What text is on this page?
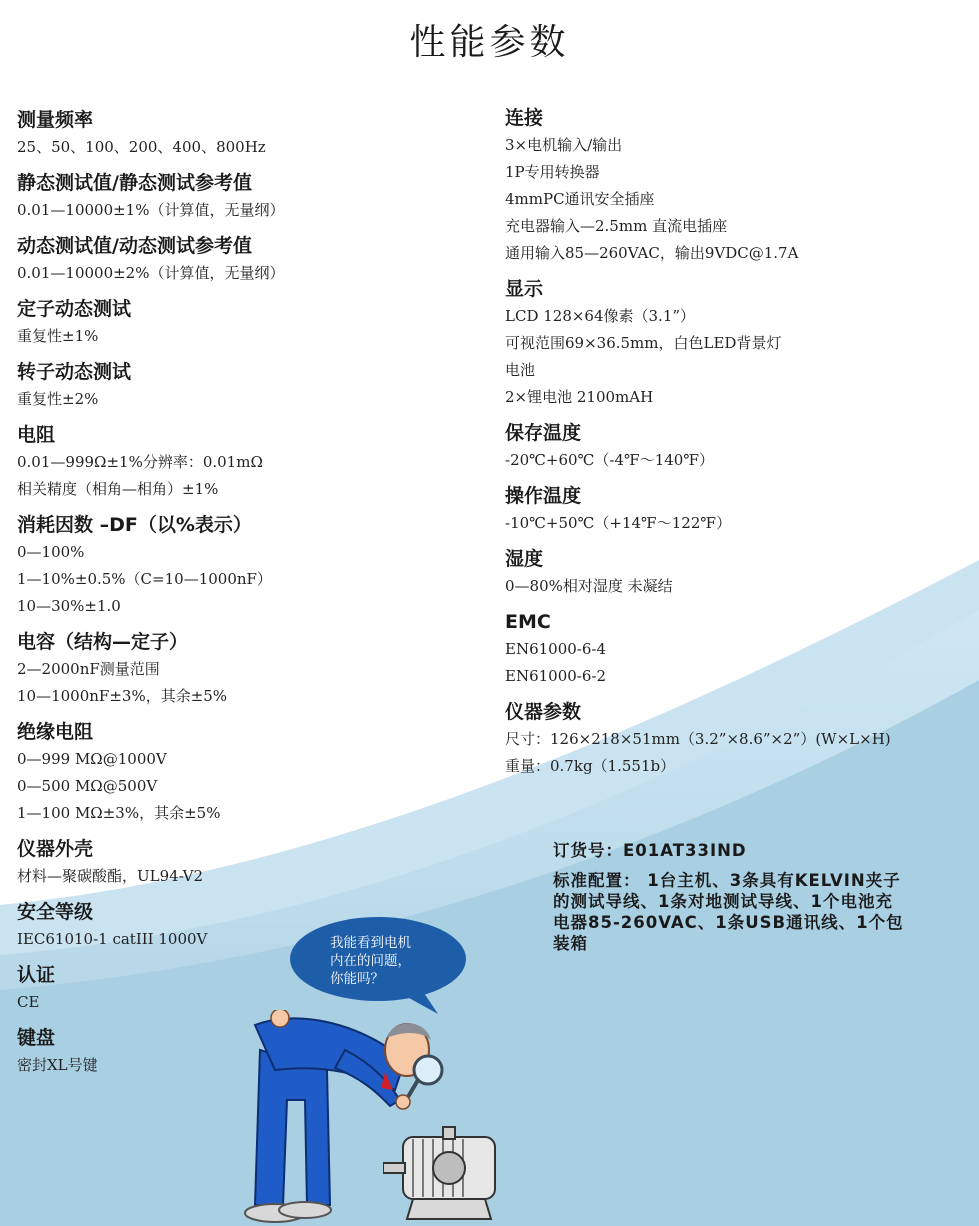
性能参数
测量频率
25、50、100、200、400、800Hz
静态测试值/静态测试参考值
0.01—10000±1%（计算值，无量纲）
动态测试值/动态测试参考值
0.01—10000±2%（计算值，无量纲）
定子动态测试
重复性±1%
转子动态测试
重复性±2%
电阻
0.01—999Ω±1%分辨率：0.01mΩ
相关精度（相角—相角）±1%
消耗因数 –DF（以%表示）
0—100%
1—10%±0.5%（C=10—1000nF）
10—30%±1.0
电容（结构—定子）
2—2000nF测量范围
10—1000nF±3%，其余±5%
绝缘电阻
0—999 MΩ@1000V
0—500 MΩ@500V
1—100 MΩ±3%，其余±5%
仪器外壳
材料—聚碳酸酯，UL94-V2
安全等级
IEC61010-1 catIII 1000V
认证
CE
键盘
密封XL号键
连接
3×电机输入/输出
1P专用转换器
4mmPC通讯安全插座
充电器输入—2.5mm 直流电插座
通用输入85—260VAC，输出9VDC@1.7A
显示
LCD 128×64像素（3.1”）
可视范围69×36.5mm，白色LED背景灯
电池
2×锂电池 2100mAH
保存温度
-20℃+60℃（-4℉～140℉）
操作温度
-10℃+50℃（+14℉～122℉）
湿度
0—80%相对湿度 未凝结
EMC
EN61000-6-4
EN61000-6-2
仪器参数
尺寸：126×218×51mm（3.2”×8.6”×2”）(W×L×H)
重量：0.7kg（1.551b）
订货号：E01AT33IND
标准配置： 1台主机、3条具有KELVIN夹子
的测试导线、1条对地测试导线、1个电池充
电器85-260VAC、1条USB通讯线、1个包
装箱
我能看到电机
内在的问题，
你能吗？
